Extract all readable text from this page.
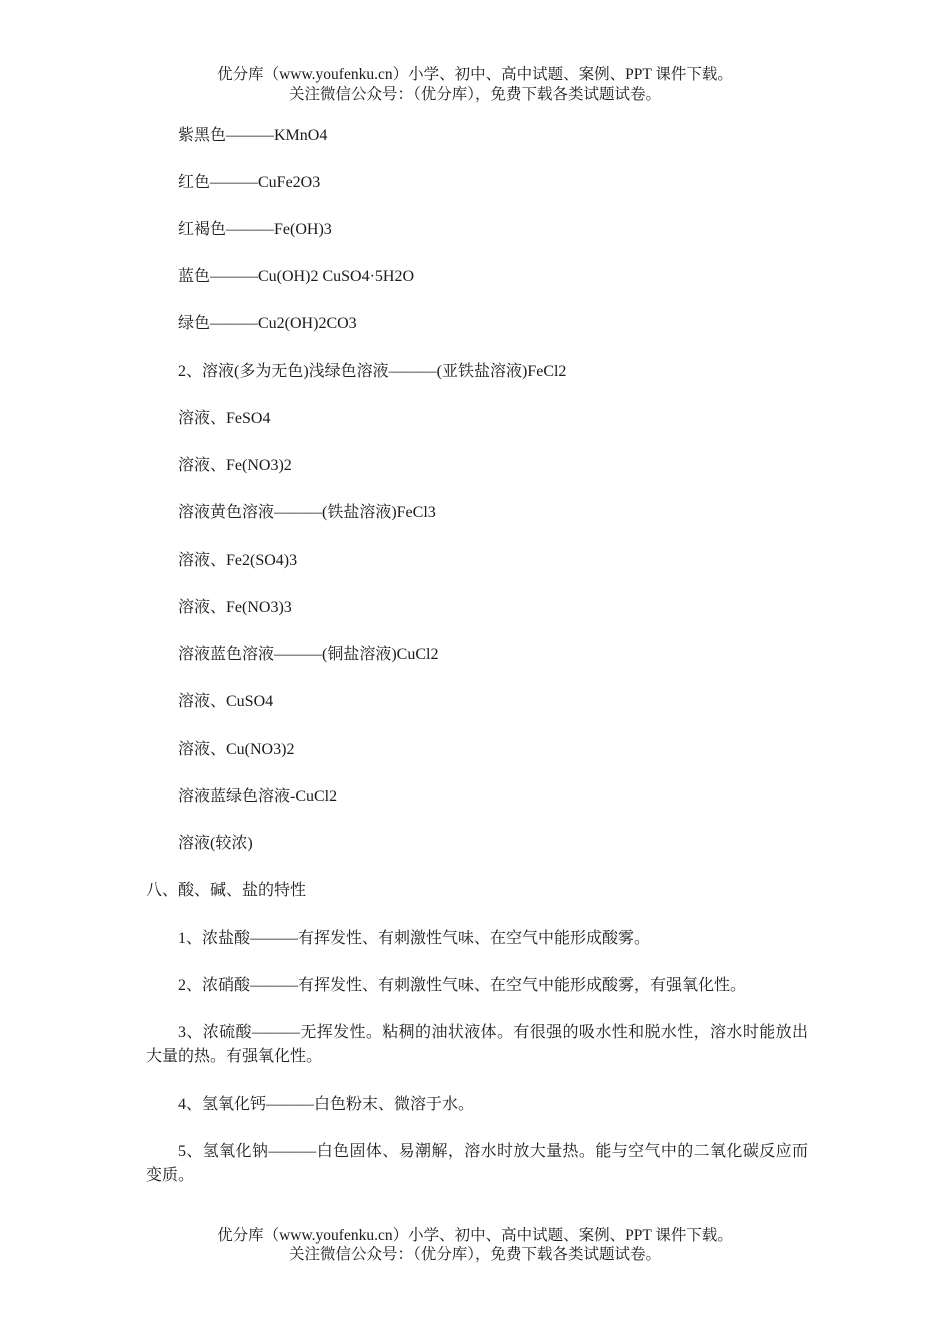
优分库（www.youfenku.cn）小学、初中、高中试题、案例、PPT 课件下载。
关注微信公众号：（优分库），免费下载各类试题试卷。
紫黑色———KMnO4
红色———CuFe2O3
红褐色———Fe(OH)3
蓝色———Cu(OH)2 CuSO4·5H2O
绿色———Cu2(OH)2CO3
2、溶液(多为无色)浅绿色溶液———(亚铁盐溶液)FeCl2
溶液、FeSO4
溶液、Fe(NO3)2
溶液黄色溶液———(铁盐溶液)FeCl3
溶液、Fe2(SO4)3
溶液、Fe(NO3)3
溶液蓝色溶液———(铜盐溶液)CuCl2
溶液、CuSO4
溶液、Cu(NO3)2
溶液蓝绿色溶液-CuCl2
溶液(较浓)
八、酸、碱、盐的特性
1、浓盐酸———有挥发性、有刺激性气味、在空气中能形成酸雾。
2、浓硝酸———有挥发性、有刺激性气味、在空气中能形成酸雾，有强氧化性。
3、浓硫酸———无挥发性。粘稠的油状液体。有很强的吸水性和脱水性，溶水时能放出大量的热。有强氧化性。
4、氢氧化钙———白色粉末、微溶于水。
5、氢氧化钠———白色固体、易潮解，溶水时放大量热。能与空气中的二氧化碳反应而变质。
优分库（www.youfenku.cn）小学、初中、高中试题、案例、PPT 课件下载。
关注微信公众号：（优分库），免费下载各类试题试卷。
